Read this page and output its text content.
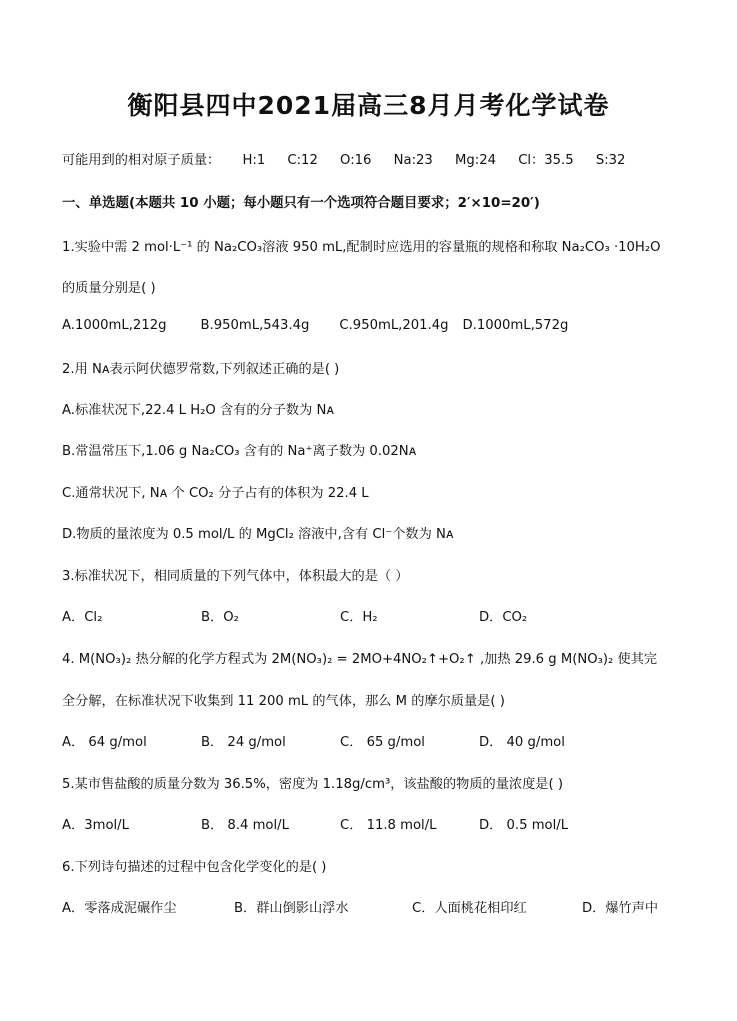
衡阳县四中2021届高三8月月考化学试卷
可能用到的相对原子质量： H:1 C:12 O:16 Na:23 Mg:24 Cl：35.5 S:32
一、单选题(本题共 10 小题；每小题只有一个选项符合题目要求；2′×10=20′)
1.实验中需 2 mol·L⁻¹ 的 Na₂CO₃溶液 950 mL,配制时应选用的容量瓶的规格和称取 Na₂CO₃ ·10H₂O
的质量分别是( )
A.1000mL,212g	B.950mL,543.4g C.950mL,201.4g D.1000mL,572g
2.用 Nᴀ表示阿伏德罗常数,下列叙述正确的是( )
A.标准状况下,22.4 L H₂O 含有的分子数为 Nᴀ
B.常温常压下,1.06 g Na₂CO₃ 含有的 Na⁺离子数为 0.02Nᴀ
C.通常状况下, Nᴀ 个 CO₂ 分子占有的体积为 22.4 L
D.物质的量浓度为 0.5 mol/L 的 MgCl₂ 溶液中,含有 Cl⁻个数为 Nᴀ
3.标准状况下，相同质量的下列气体中，体积最大的是（ ）
A．Cl₂	B．O₂	C．H₂	D．CO₂
4. M(NO₃)₂ 热分解的化学方程式为 2M(NO₃)₂ = 2MO+4NO₂↑+O₂↑ ,加热 29.6 g M(NO₃)₂ 使其完
全分解，在标准状况下收集到 11 200 mL 的气体，那么 M 的摩尔质量是( )
A． 64 g/mol	B． 24 g/mol	C． 65 g/mol	D． 40 g/mol
5.某市售盐酸的质量分数为 36.5%，密度为 1.18g/cm³，该盐酸的物质的量浓度是( )
A．3mol/L	B． 8.4 mol/L	C． 11.8 mol/L	D． 0.5 mol/L
6.下列诗句描述的过程中包含化学变化的是( )
A．零落成泥碾作尘	B．群山倒影山浮水	C．人面桃花相印红	D．爆竹声中
